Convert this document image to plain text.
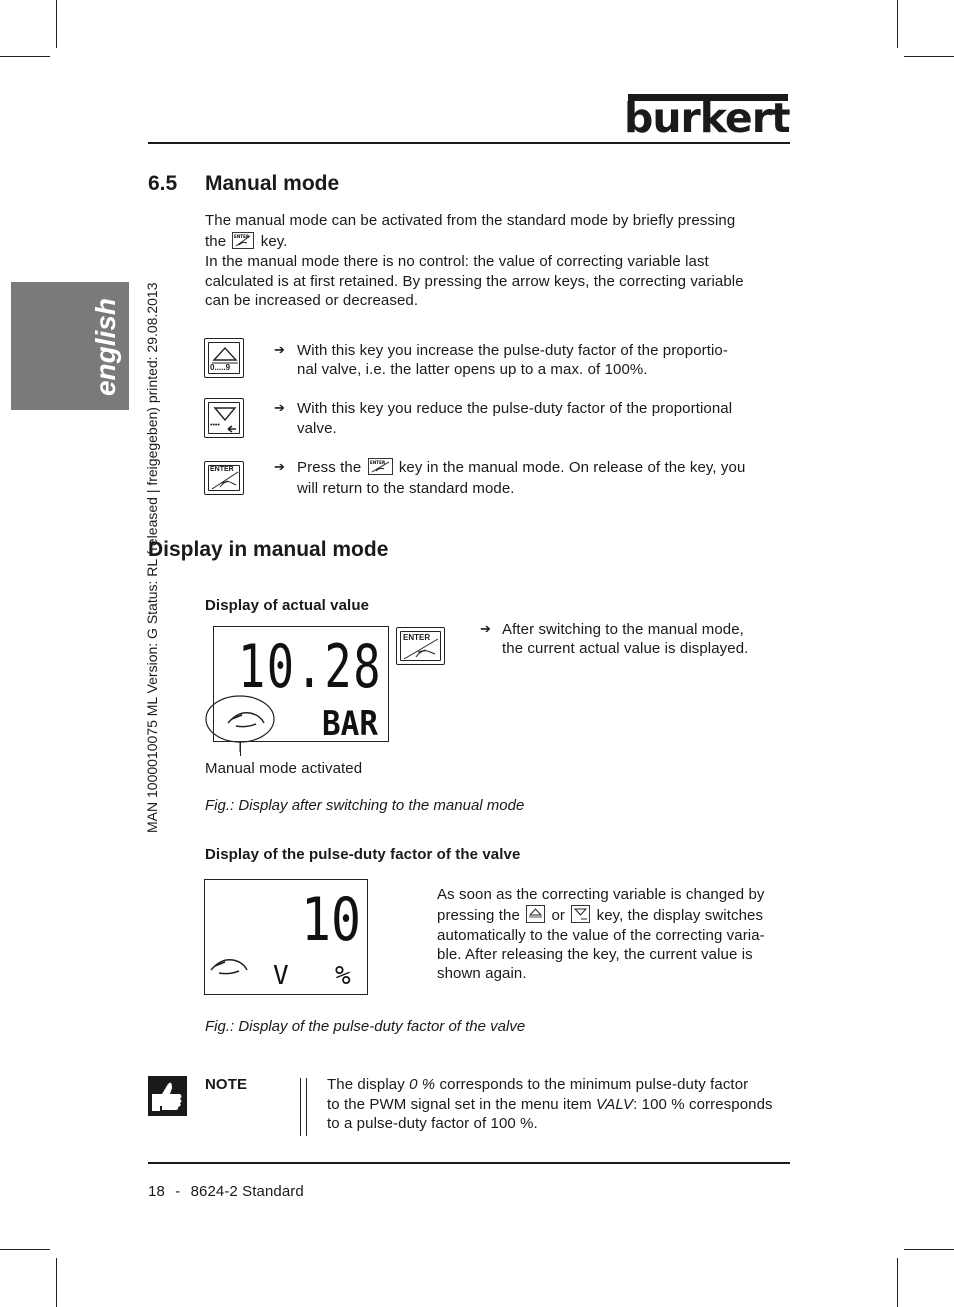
burkert
english MAN 1000010075 ML Version: G Status: RL (released | freigegeben) printed: 29.08.2013
6.5 Manual mode
The manual mode can be activated from the standard mode by briefly pressing
the ENTER key.
In the manual mode there is no control: the value of correcting variable last
calculated is at first retained. By pressing the arrow keys, the correcting variable
can be increased or decreased.
0.....9
➔ With this key you increase the pulse-duty factor of the proportio-
nal valve, i.e. the latter opens up to a max. of 100%.
••••
➔ With this key you reduce the pulse-duty factor of the proportional
valve.
ENTER	➔ Press the ENTER key in the manual mode. On release of the key, you
will return to the standard mode.
Display in manual mode
Display of actual value
10.28
BAR
Manual mode activated
ENTER
➔ After switching to the manual mode,
the current actual value is displayed.
Fig.: Display after switching to the manual mode
Display of the pulse-duty factor of the valve
10
V %
As soon as the correcting variable is changed by
pressing the or key, the display switches
automatically to the value of the correcting varia-
ble. After releasing the key, the current value is
shown again.
Fig.: Display of the pulse-duty factor of the valve
NOTE	The display 0 % corresponds to the minimum pulse-duty factor
to the PWM signal set in the menu item VALV: 100 % corresponds
to a pulse-duty factor of 100 %.
18 - 8624-2 Standard
